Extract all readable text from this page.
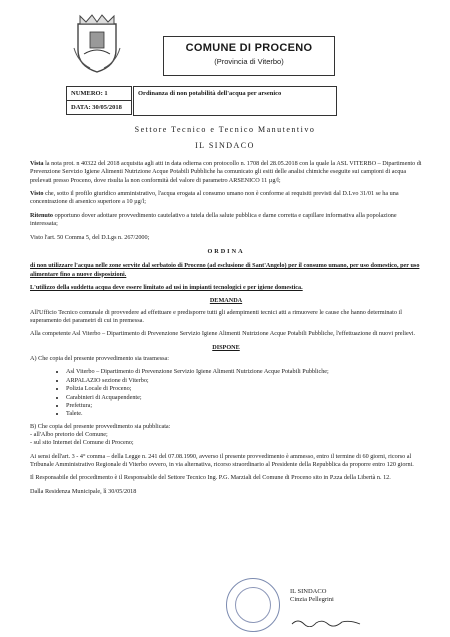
COMUNE DI PROCENO
(Provincia di Viterbo)
NUMERO: 1
DATA: 30/05/2018
Ordinanza di non potabilità dell'acqua per arsenico
Settore Tecnico e Tecnico Manutentivo
IL SINDACO

Vista la nota prot. n 40322 del 2018 acquisita agli atti in data odierna con protocollo n. 1708 del 28.05.2018 con la quale la ASL VITERBO – Dipartimento di Prevenzione Servizio Igiene Alimenti Nutrizione Acque Potabili Pubbliche ha comunicato gli esiti delle analisi chimiche eseguite sui campioni di acqua prelevati presso Proceno, dove risulta la non conformità del valore di parametro ARSENICO 11 µg/l;

Visto che, sotto il profilo giuridico amministrativo, l'acqua erogata al consumo umano non è conforme ai requisiti previsti dal D.Lvo 31/01 se ha una concentrazione di arsenico superiore a 10 µg/l;

Ritenuto opportuno dover adottare provvedimento cautelativo a tutela della salute pubblica e darne corretta e capillare informativa alla popolazione interessata;

Visto l'art. 50 Comma 5, del D.Lgs n. 267/2000;

ORDINA

di non utilizzare l'acqua nelle zone servite dal serbatoio di Proceno (ad esclusione di Sant'Angelo) per il consumo umano, per uso domestico, per uso alimentare fino a nuove disposizioni.

L'utilizzo della suddetta acqua deve essere limitato ad usi in impianti tecnologici e per igiene domestica.

DEMANDA

All'Ufficio Tecnico comunale di provvedere ad effettuare e predisporre tutti gli adempimenti tecnici atti a rimuovere le cause che hanno determinato il superamento dei parametri di cui in premessa.

Alla competente Asl Viterbo – Dipartimento di Prevenzione Servizio Igiene Alimenti Nutrizione Acque Potabili Pubbliche, l'effettuazione di nuovi prelievi.

DISPONE

A) Che copia del presente provvedimento sia trasmessa:

• Asl Viterbo – Dipartimento di Prevenzione Servizio Igiene Alimenti Nutrizione Acque Potabili Pubbliche;
• ARPALAZIO sezione di Viterbo;
• Polizia Locale di Proceno;
• Carabinieri di Acquapendente;
• Prefettura;
• Talete.

B) Che copia del presente provvedimento sia pubblicata:

- all'Albo pretorio del Comune;

- sul sito Internet del Comune di Proceno;

Ai sensi dell'art. 3 - 4° comma – della Legge n. 241 del 07.08.1990, avverso il presente provvedimento è ammesso, entro il termine di 60 giorni, ricorso al Tribunale Amministrativo Regionale di Viterbo ovvero, in via alternativa, ricorso straordinario al Presidente della Repubblica da proporre entro 120 giorni.

Il Responsabile del procedimento è il Responsabile del Settore Tecnico Ing. P.G. Marziali del Comune di Proceno sito in P.zza della Libertà n. 12.

Dalla Residenza Municipale, lì 30/05/2018

IL SINDACO
Cinzia Pellegrini
